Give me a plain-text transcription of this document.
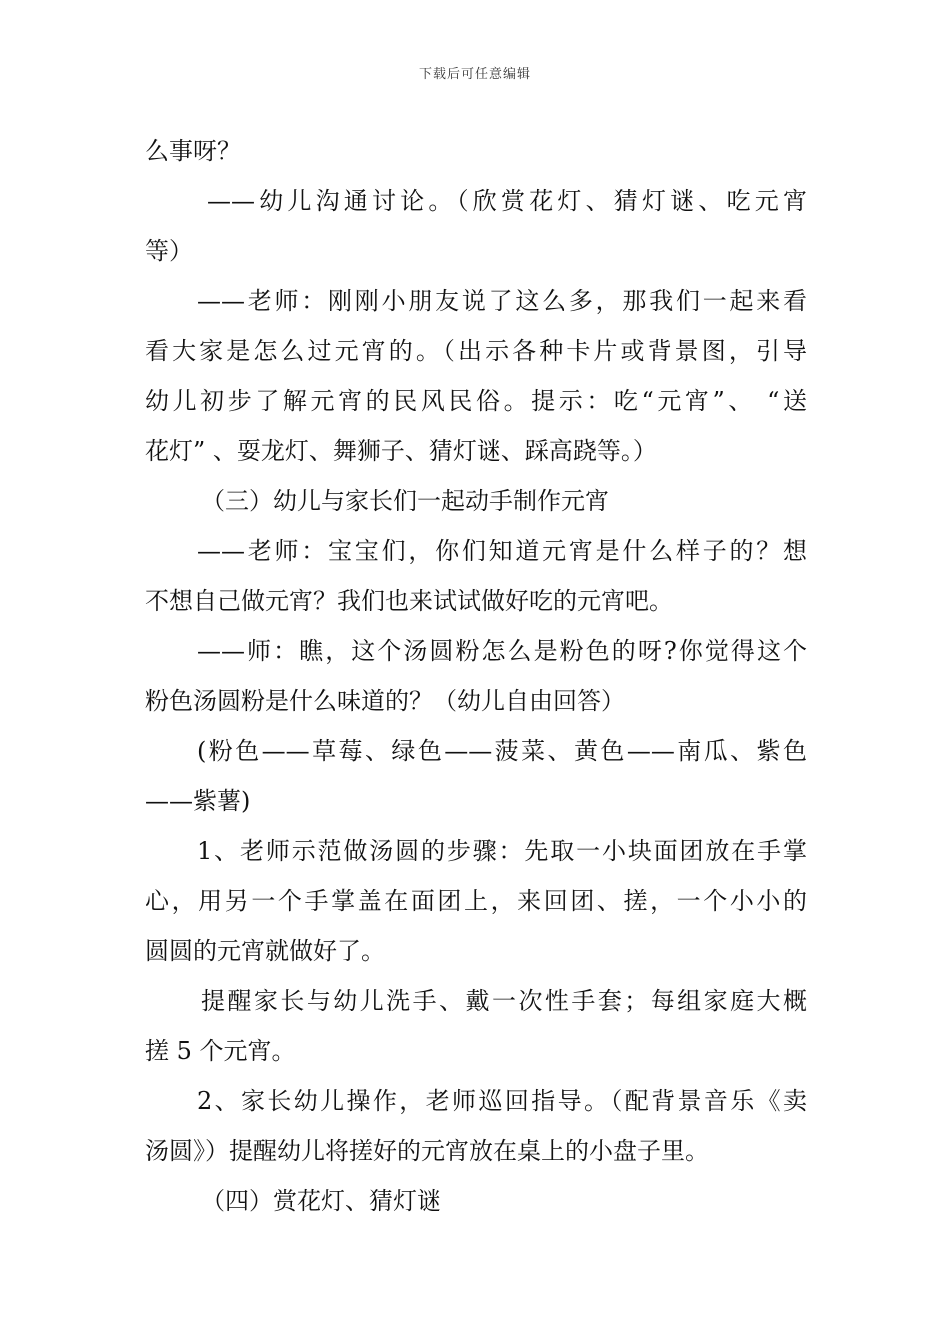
下载后可任意编辑
么事呀？
——幼儿沟通讨论。（欣赏花灯、猜灯谜、吃元宵
等）
——老师：刚刚小朋友说了这么多，那我们一起来看
看大家是怎么过元宵的。（出示各种卡片或背景图，引导
幼儿初步了解元宵的民风民俗。提示：吃“元宵”、 “送
花灯” 、耍龙灯、舞狮子、猜灯谜、踩高跷等。）
（三）幼儿与家长们一起动手制作元宵
——老师：宝宝们，你们知道元宵是什么样子的？想
不想自己做元宵？我们也来试试做好吃的元宵吧。
——师：瞧，这个汤圆粉怎么是粉色的呀?你觉得这个
粉色汤圆粉是什么味道的？（幼儿自由回答）
(粉色——草莓、绿色——菠菜、黄色——南瓜、紫色
——紫薯)
1、老师示范做汤圆的步骤：先取一小块面团放在手掌
心，用另一个手掌盖在面团上，来回团、搓，一个小小的
圆圆的元宵就做好了。
提醒家长与幼儿洗手、戴一次性手套；每组家庭大概
搓 5 个元宵。
2、家长幼儿操作，老师巡回指导。（配背景音乐《卖
汤圆》）提醒幼儿将搓好的元宵放在桌上的小盘子里。
（四）赏花灯、猜灯谜
